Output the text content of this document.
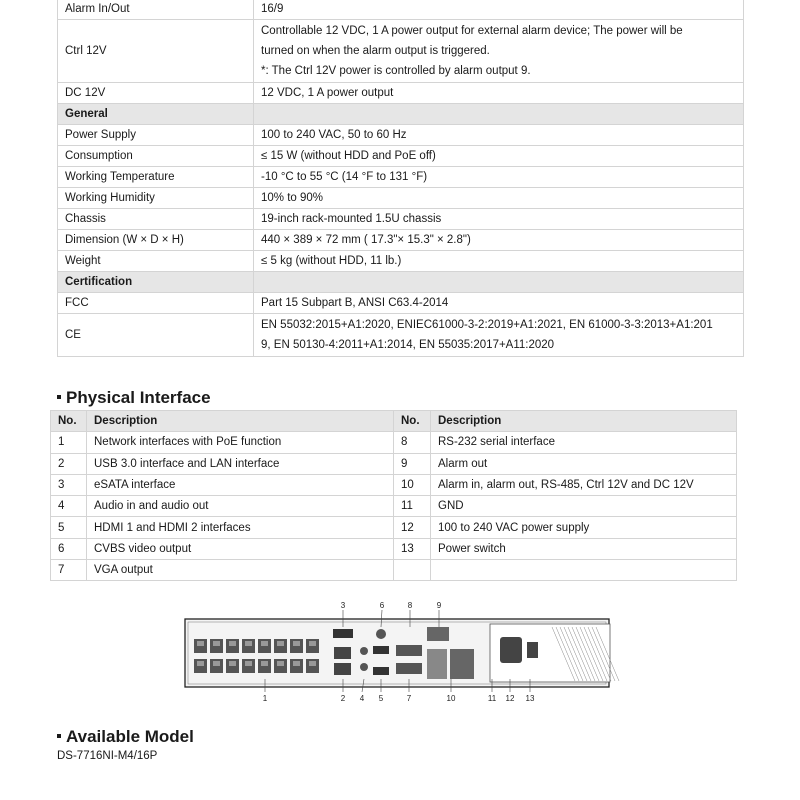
Alarm In/Out	16/9

Ctrl 12V	Controllable 12 VDC, 1 A power output for external alarm device; The power will be
turned on when the alarm output is triggered.
*: The Ctrl 12V power is controlled by alarm output 9.

DC 12V	12 VDC, 1 A power output

General	
Power Supply	100 to 240 VAC, 50 to 60 Hz

Consumption	≤ 15 W (without HDD and PoE off)

Working Temperature	-10 °C to 55 °C (14 °F to 131 °F)

Working Humidity	10% to 90%

Chassis	19-inch rack-mounted 1.5U chassis

Dimension (W × D × H)	440 × 389 × 72 mm ( 17.3"× 15.3" × 2.8")

Weight	≤ 5 kg (without HDD, 11 lb.)

Certification	
FCC	Part 15 Subpart B, ANSI C63.4-2014

CE	EN 55032:2015+A1:2020, ENIEC61000-3-2:2019+A1:2021, EN 61000-3-3:2013+A1:201
9, EN 50130-4:2011+A1:2014, EN 55035:2017+A11:2020
Physical Interface
No.	Description	No.	Description
1	Network interfaces with PoE function	8	RS-232 serial interface
2	USB 3.0 interface and LAN interface	9	Alarm out
3	eSATA interface	10	Alarm in, alarm out, RS-485, Ctrl 12V and DC 12V
4	Audio in and audio out	11	GND
5	HDMI 1 and HDMI 2 interfaces	12	100 to 240 VAC power supply
6	CVBS video output	13	Power switch
7	VGA output		
3	6	8	9
1	2 4 5	7	10	11 12 13
Available Model
DS-7716NI-M4/16P
